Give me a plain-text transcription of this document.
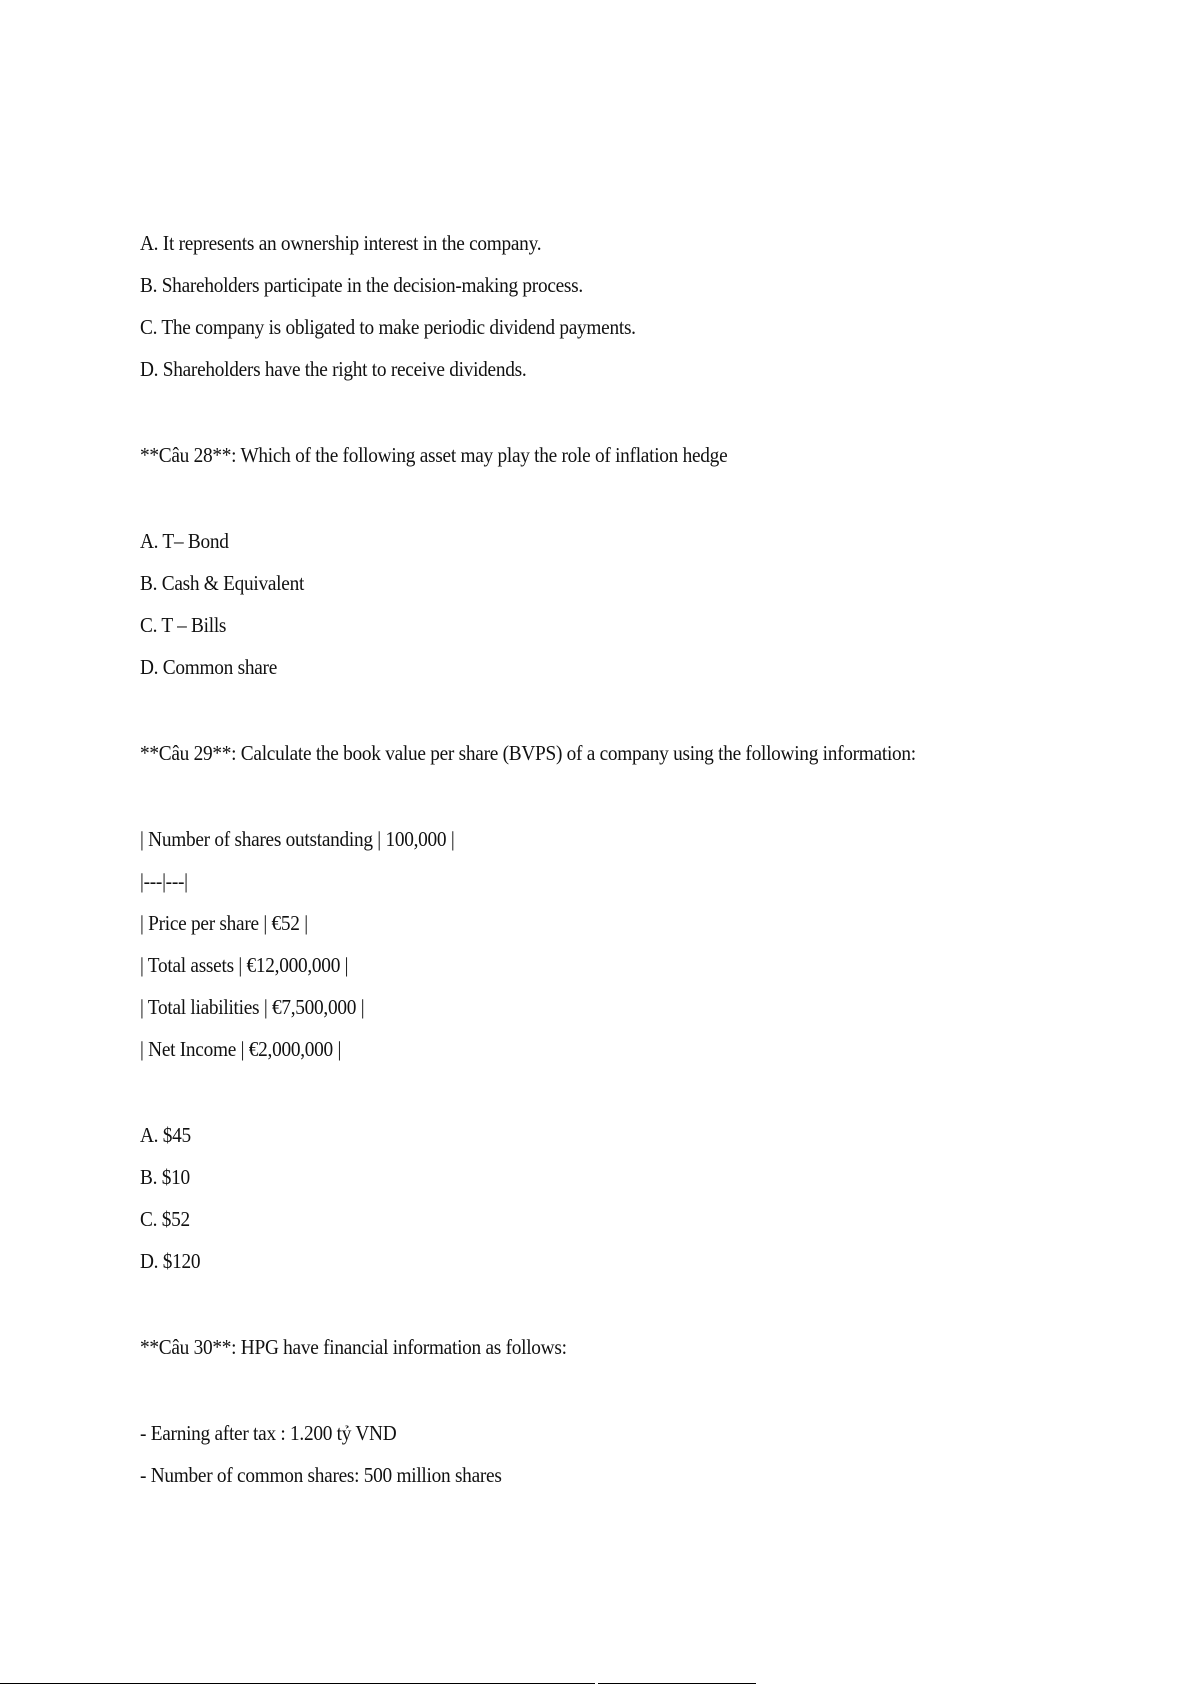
A. It represents an ownership interest in the company.
B. Shareholders participate in the decision-making process.
C. The company is obligated to make periodic dividend payments.
D. Shareholders have the right to receive dividends.
**Câu 28**: Which of the following asset may play the role of inflation hedge
A. T– Bond
B. Cash & Equivalent
C. T – Bills
D. Common share
**Câu 29**: Calculate the book value per share (BVPS) of a company using the following information:
| Number of shares outstanding | 100,000 |
|---|---|
| Price per share | €52 |
| Total assets | €12,000,000 |
| Total liabilities | €7,500,000 |
| Net Income | €2,000,000 |
A. $45
B. $10
C. $52
D. $120
**Câu 30**: HPG have financial information as follows:
- Earning after tax : 1.200 tỷ VND
- Number of common shares: 500 million shares
